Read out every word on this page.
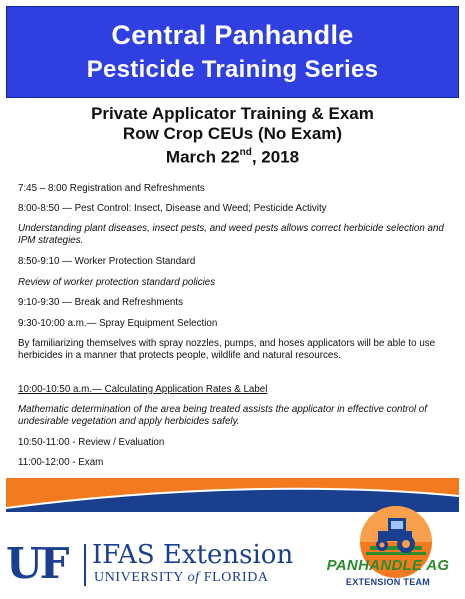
Central Panhandle
Pesticide Training Series
Private Applicator Training & Exam
Row Crop CEUs (No Exam)
March 22nd, 2018
7:45 – 8:00 Registration and Refreshments
8:00-8:50 — Pest Control: Insect, Disease and Weed; Pesticide Activity
Understanding plant diseases, insect pests, and weed pests allows correct herbicide selection and IPM strategies.
8:50-9:10 — Worker Protection Standard
Review of worker protection standard policies
9:10-9:30 — Break and Refreshments
9:30-10:00 a.m.— Spray Equipment Selection
By familiarizing themselves with spray nozzles, pumps, and hoses applicators will be able to use herbicides in a manner that protects people, wildlife and natural resources.
10:00-10:50 a.m.— Calculating Application Rates & Label
Mathematic determination of the area being treated assists the applicator in effective control of undesirable vegetation and apply herbicides safely.
10:50-11:00 - Review / Evaluation
11:00-12:00 - Exam
UF IFAS Extension
UNIVERSITY of FLORIDA
PANHANDLE AG
EXTENSION TEAM
